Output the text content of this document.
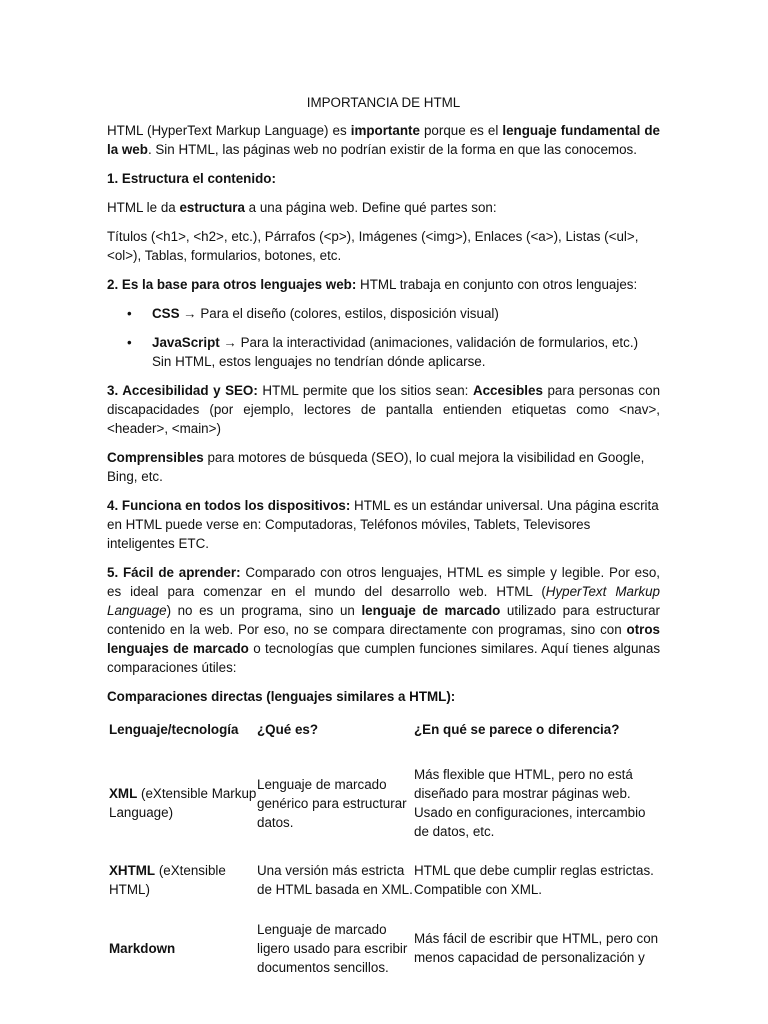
IMPORTANCIA DE HTML

HTML (HyperText Markup Language) es importante porque es el lenguaje fundamental de la web. Sin HTML, las páginas web no podrían existir de la forma en que las conocemos.

1. Estructura el contenido:

HTML le da estructura a una página web. Define qué partes son:

Títulos (<h1>, <h2>, etc.), Párrafos (<p>), Imágenes (<img>), Enlaces (<a>), Listas (<ul>, <ol>), Tablas, formularios, botones, etc.

2. Es la base para otros lenguajes web: HTML trabaja en conjunto con otros lenguajes:

• CSS → Para el diseño (colores, estilos, disposición visual)
• JavaScript → Para la interactividad (animaciones, validación de formularios, etc.) Sin HTML, estos lenguajes no tendrían dónde aplicarse.

3. Accesibilidad y SEO: HTML permite que los sitios sean: Accesibles para personas con discapacidades (por ejemplo, lectores de pantalla entienden etiquetas como <nav>, <header>, <main>)

Comprensibles para motores de búsqueda (SEO), lo cual mejora la visibilidad en Google, Bing, etc.

4. Funciona en todos los dispositivos: HTML es un estándar universal. Una página escrita en HTML puede verse en: Computadoras, Teléfonos móviles, Tablets, Televisores inteligentes ETC.

5. Fácil de aprender: Comparado con otros lenguajes, HTML es simple y legible. Por eso, es ideal para comenzar en el mundo del desarrollo web. HTML (HyperText Markup Language) no es un programa, sino un lenguaje de marcado utilizado para estructurar contenido en la web. Por eso, no se compara directamente con programas, sino con otros lenguajes de marcado o tecnologías que cumplen funciones similares. Aquí tienes algunas comparaciones útiles:

Comparaciones directas (lenguajes similares a HTML):

Lenguaje/tecnología	¿Qué es?	¿En qué se parece o diferencia?
XML (eXtensible Markup Language)	Lenguaje de marcado genérico para estructurar datos.	Más flexible que HTML, pero no está diseñado para mostrar páginas web. Usado en configuraciones, intercambio de datos, etc.
XHTML (eXtensible HTML)	Una versión más estricta de HTML basada en XML.	HTML que debe cumplir reglas estrictas. Compatible con XML.
Markdown	Lenguaje de marcado ligero usado para escribir documentos sencillos.	Más fácil de escribir que HTML, pero con menos capacidad de personalización y
